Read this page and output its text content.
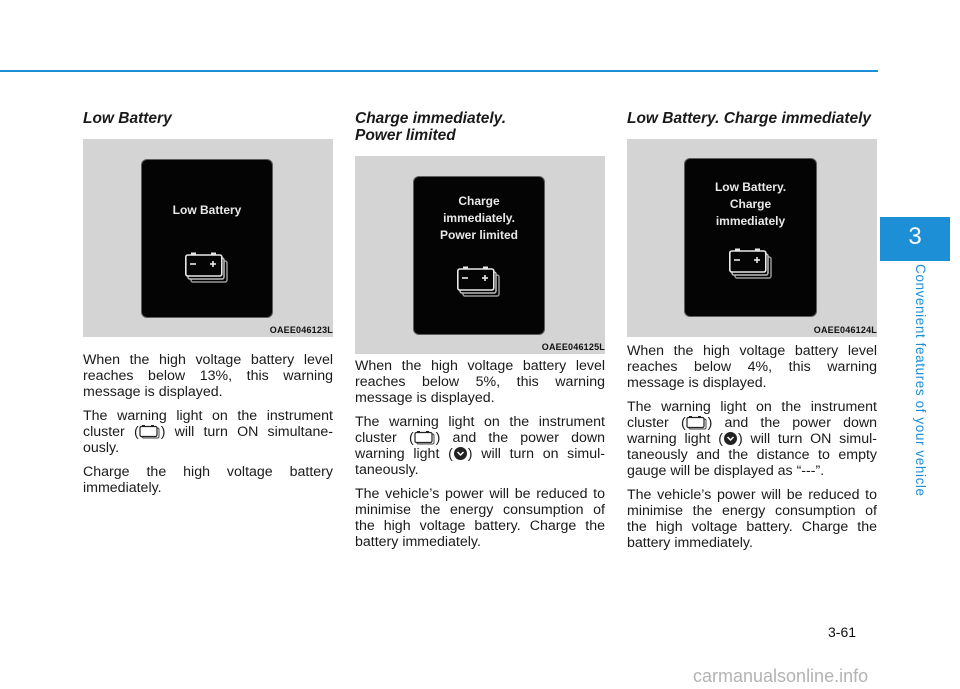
Low Battery
Low Battery
OAEE046123L

When the high voltage battery level reaches below 13%, this warning message is displayed.

The warning light on the instrument cluster ( ) will turn ON simultane-ously.

Charge the high voltage battery immediately.

Charge immediately.
Power limited
Charge
immediately.
Power limited
OAEE046125L

When the high voltage battery level reaches below 5%, this warning message is displayed.

The warning light on the instrument cluster ( ) and the power down warning light ( ) will turn on simul-taneously.

The vehicle’s power will be reduced to minimise the energy consumption of the high voltage battery. Charge the battery immediately.

Low Battery. Charge immediately
Low Battery.
Charge
immediately
OAEE046124L

When the high voltage battery level reaches below 4%, this warning message is displayed.

The warning light on the instrument cluster ( ) and the power down warning light ( ) will turn ON simul-taneously and the distance to empty gauge will be displayed as “---”.

The vehicle’s power will be reduced to minimise the energy consumption of the high voltage battery. Charge the battery immediately.

3
Convenient features of your vehicle
3-61
carmanualsonline.info
